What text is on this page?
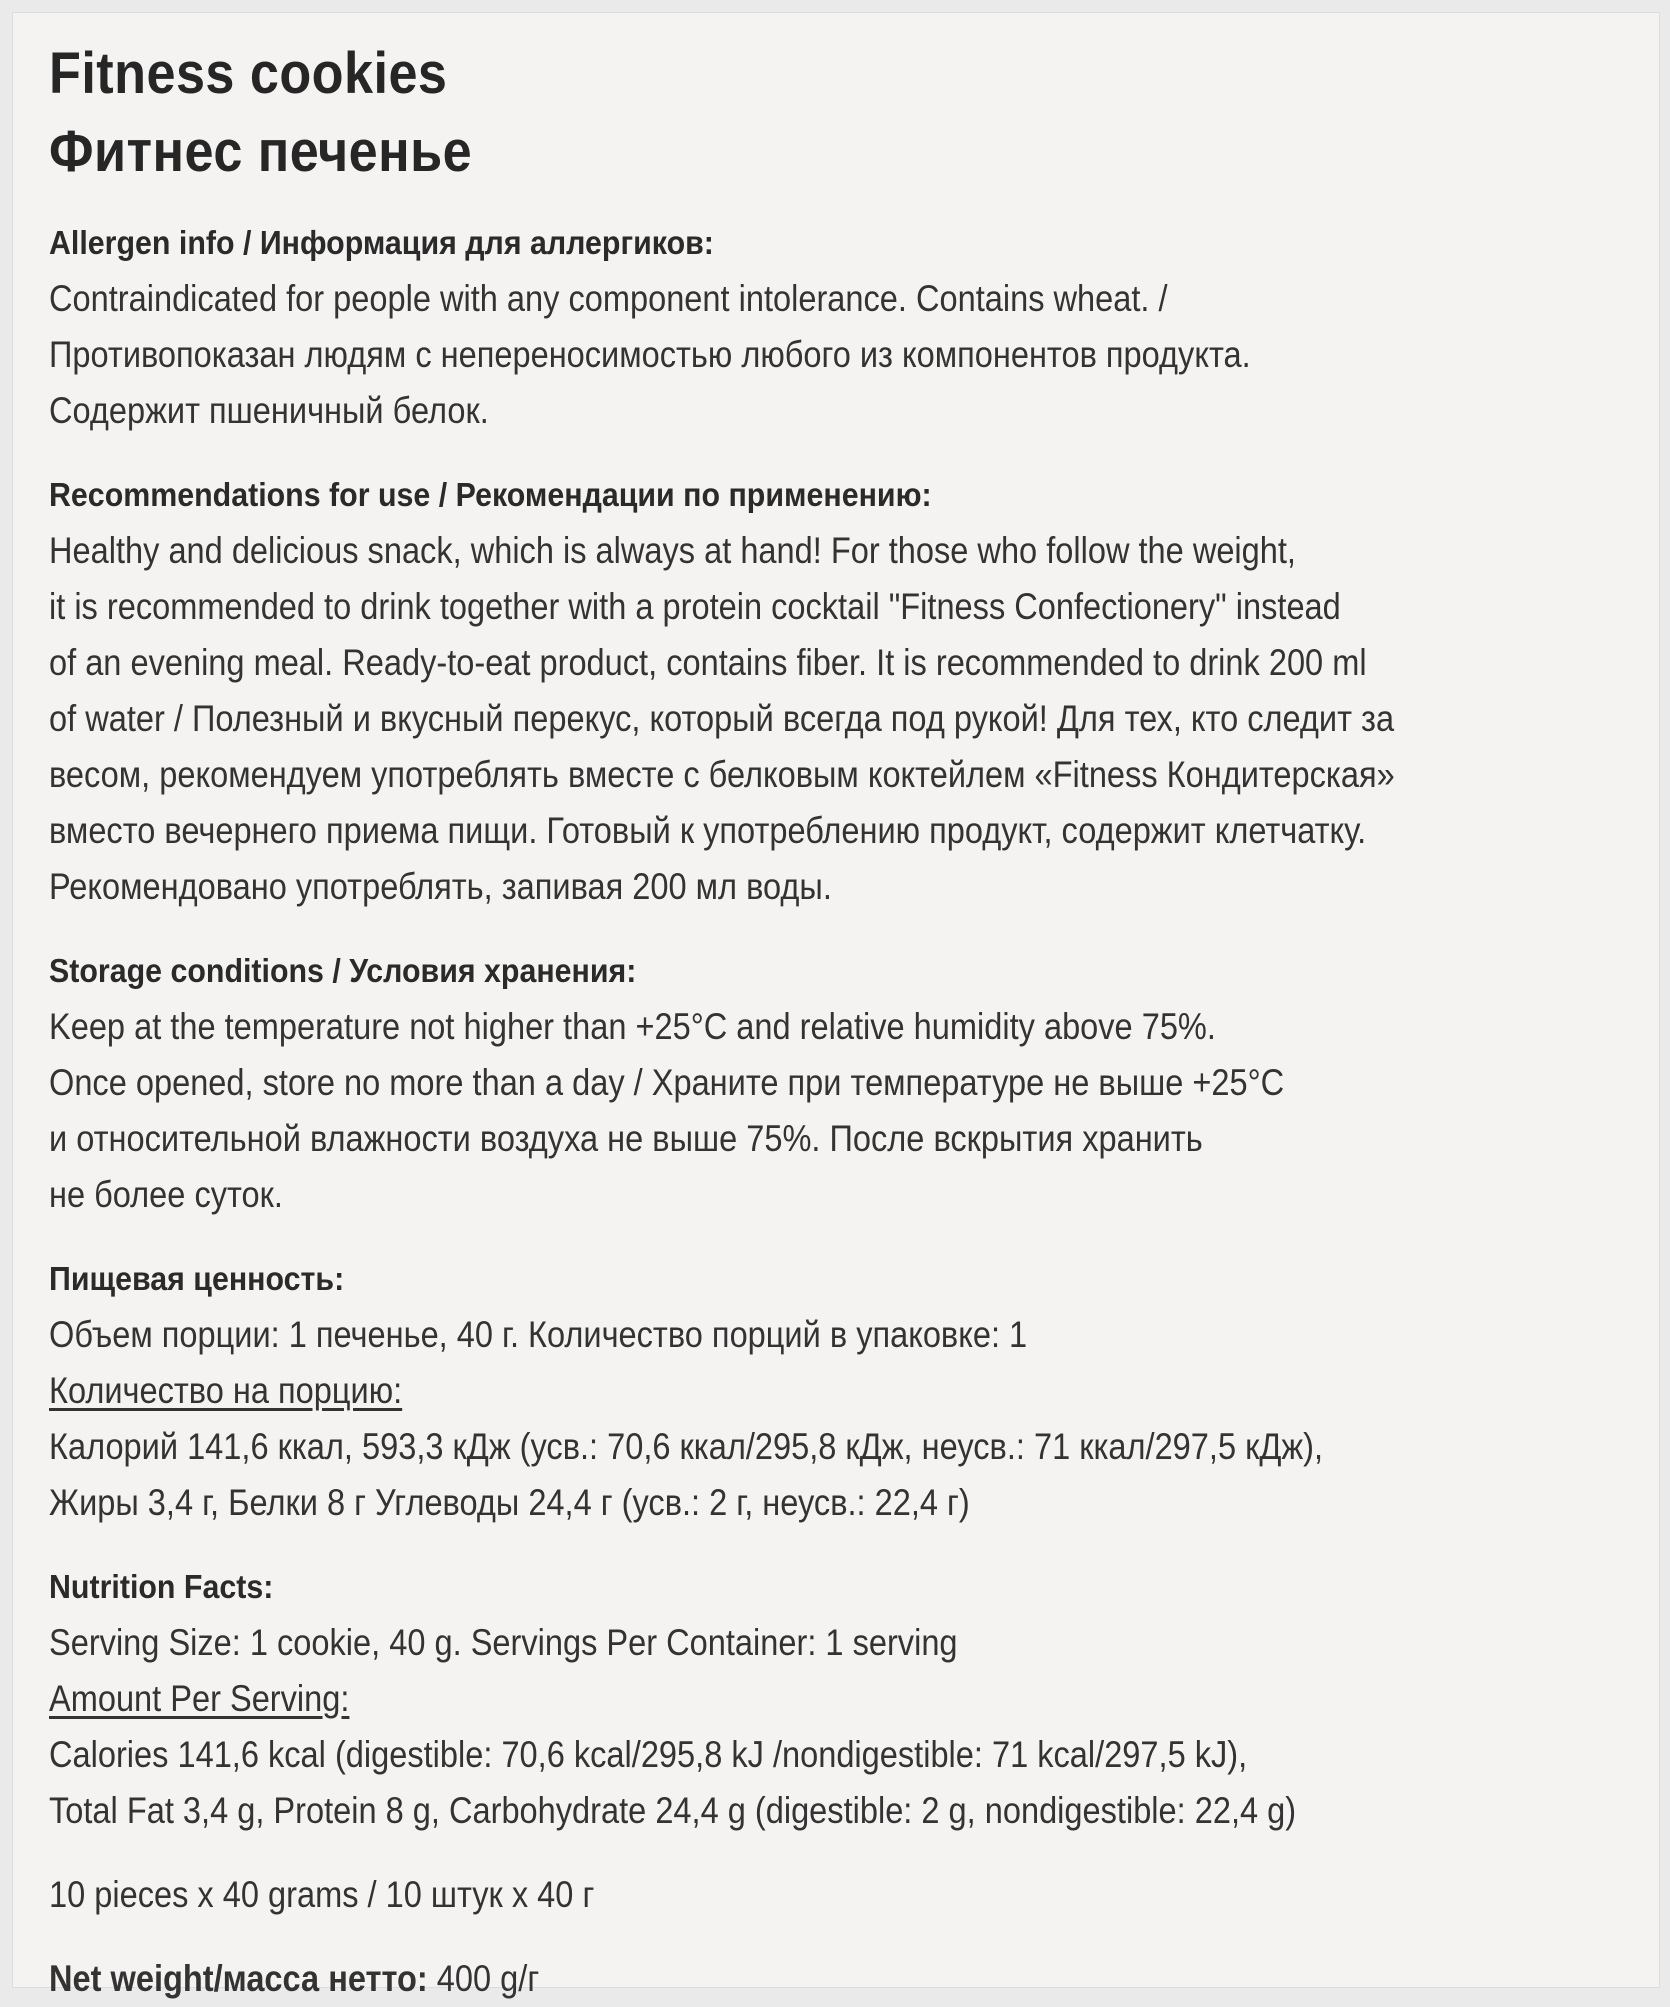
Fitness cookies
Фитнес печенье
Allergen info / Информация для аллергиков:
Contraindicated for people with any component intolerance. Contains wheat. /
Противопоказан людям с непереносимостью любого из компонентов продукта.
Содержит пшеничный белок.
Recommendations for use / Рекомендации по применению:
Healthy and delicious snack, which is always at hand! For those who follow the weight,
it is recommended to drink together with a protein cocktail "Fitness Confectionery" instead
of an evening meal. Ready-to-eat product, contains fiber. It is recommended to drink 200 ml
of water / Полезный и вкусный перекус, который всегда под рукой! Для тех, кто следит за
весом, рекомендуем употреблять вместе с белковым коктейлем «Fitness Кондитерская»
вместо вечернего приема пищи. Готовый к употреблению продукт, содержит клетчатку.
Рекомендовано употреблять, запивая 200 мл воды.
Storage conditions / Условия хранения:
Keep at the temperature not higher than +25°C and relative humidity above 75%.
Once opened, store no more than a day / Храните при температуре не выше +25°C
и относительной влажности воздуха не выше 75%. После вскрытия хранить
не более суток.
Пищевая ценность:
Объем порции: 1 печенье, 40 г. Количество порций в упаковке: 1
Количество на порцию:
Калорий 141,6 ккал, 593,3 кДж (усв.: 70,6 ккал/295,8 кДж, неусв.: 71 ккал/297,5 кДж),
Жиры 3,4 г, Белки 8 г Углеводы 24,4 г (усв.: 2 г, неусв.: 22,4 г)
Nutrition Facts:
Serving Size: 1 cookie, 40 g. Servings Per Container: 1 serving
Amount Per Serving:
Calories 141,6 kcal (digestible: 70,6 kcal/295,8 kJ /nondigestible: 71 kcal/297,5 kJ),
Total Fat 3,4 g, Protein 8 g, Carbohydrate 24,4 g (digestible: 2 g, nondigestible: 22,4 g)
10 pieces x 40 grams / 10 штук x 40 г
Net weight/масса нетто: 400 g/г
